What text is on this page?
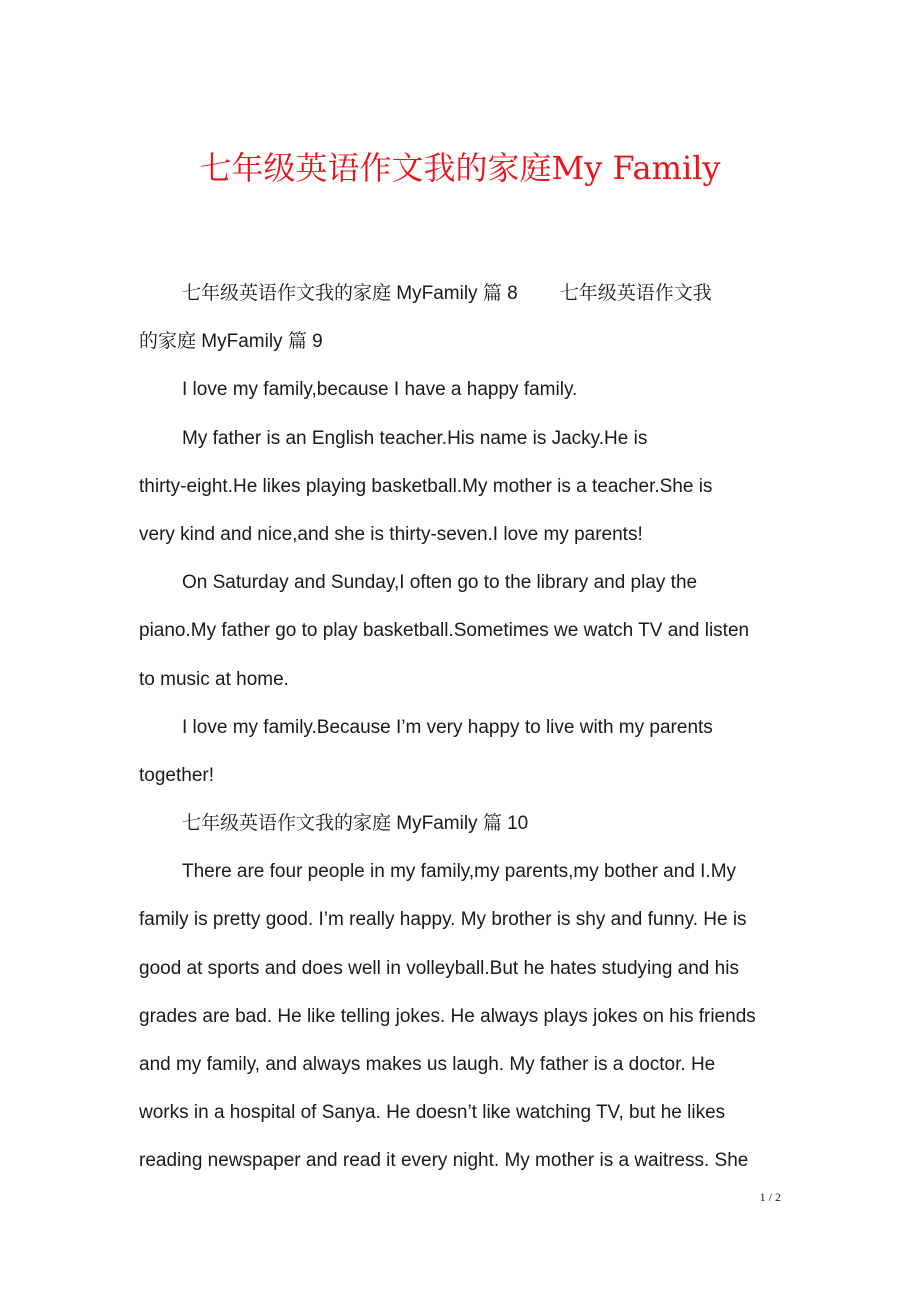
七年级英语作文我的家庭My Family
七年级英语作文我的家庭 MyFamily 篇 8 七年级英语作文我
的家庭 MyFamily 篇 9
I love my family,because I have a happy family.
My father is an English teacher.His name is Jacky.He is
thirty-eight.He likes playing basketball.My mother is a teacher.She is
very kind and nice,and she is thirty-seven.I love my parents!
On Saturday and Sunday,I often go to the library and play the
piano.My father go to play basketball.Sometimes we watch TV and listen
to music at home.
I love my family.Because I’m very happy to live with my parents
together!
七年级英语作文我的家庭 MyFamily 篇 10
There are four people in my family,my parents,my bother and I.My
family is pretty good. I’m really happy. My brother is shy and funny. He is
good at sports and does well in volleyball.But he hates studying and his
grades are bad. He like telling jokes. He always plays jokes on his friends
and my family, and always makes us laugh. My father is a doctor. He
works in a hospital of Sanya. He doesn’t like watching TV, but he likes
reading newspaper and read it every night. My mother is a waitress. She
1 / 2
